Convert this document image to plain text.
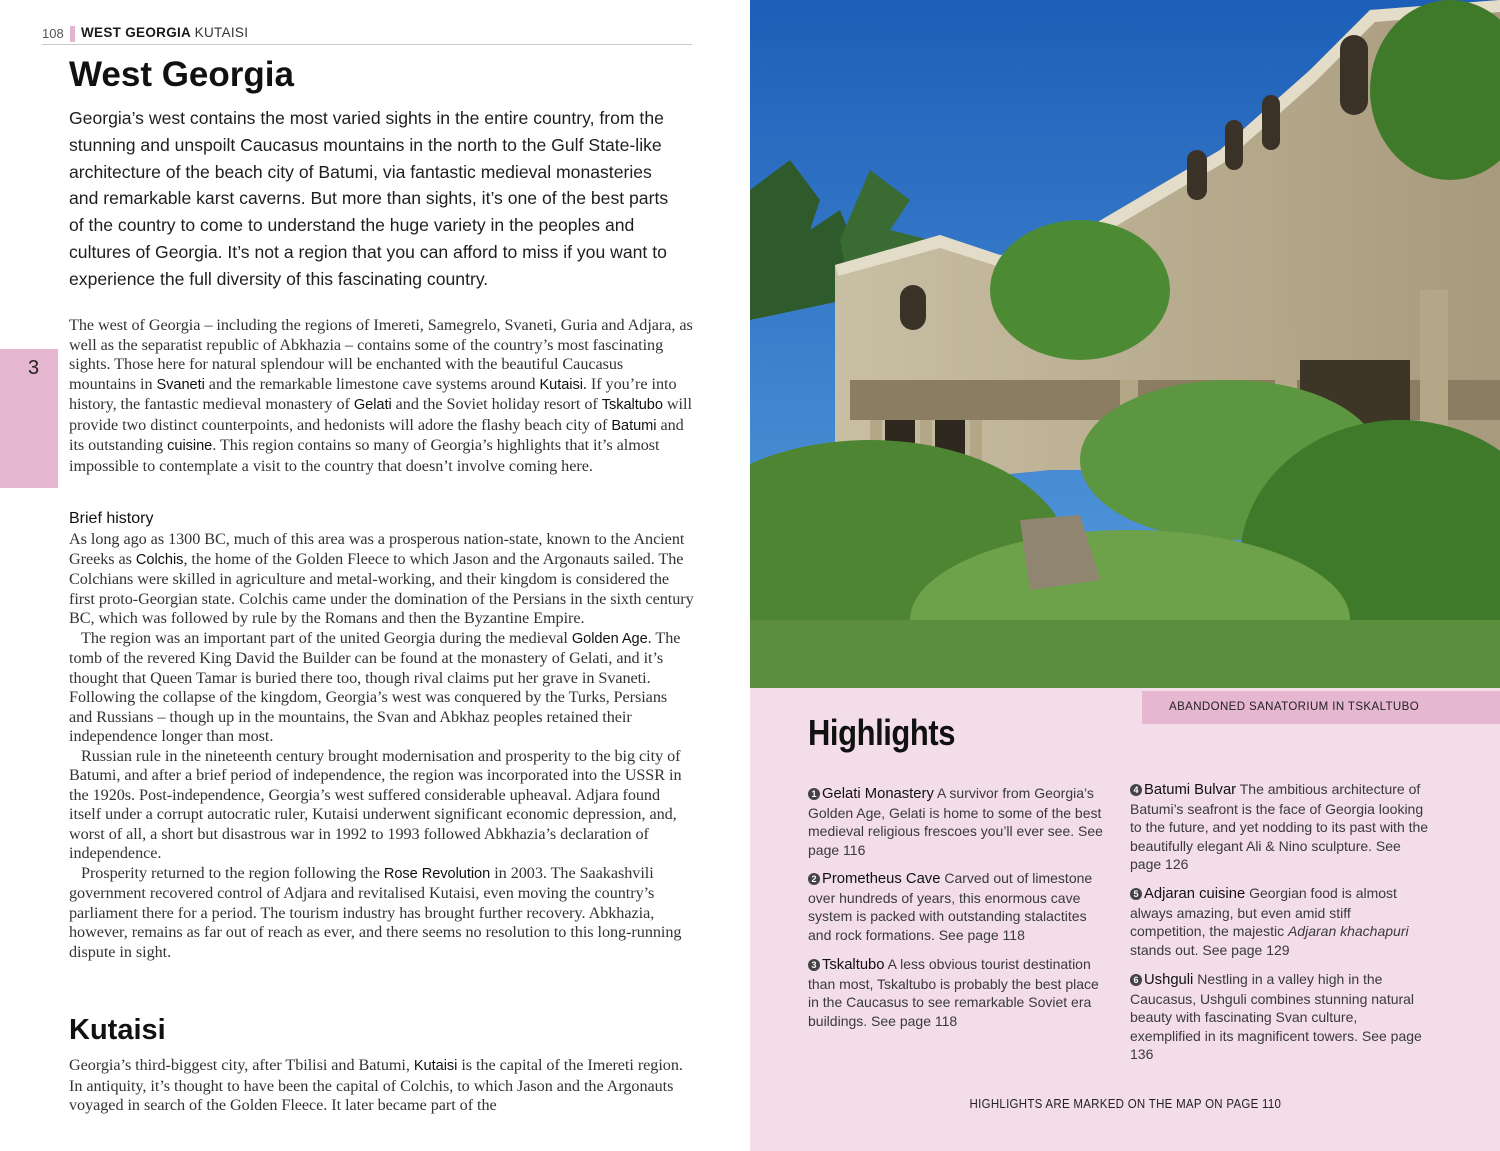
108 WEST GEORGIA KUTAISI
3
West Georgia

Georgia’s west contains the most varied sights in the entire country, from the stunning and unspoilt Caucasus mountains in the north to the Gulf State-like architecture of the beach city of Batumi, via fantastic medieval monasteries and remarkable karst caverns. But more than sights, it’s one of the best parts of the country to come to understand the huge variety in the peoples and cultures of Georgia. It’s not a region that you can afford to miss if you want to experience the full diversity of this fascinating country.

The west of Georgia – including the regions of Imereti, Samegrelo, Svaneti, Guria and Adjara, as well as the separatist republic of Abkhazia – contains some of the country’s most fascinating sights. Those here for natural splendour will be enchanted with the beautiful Caucasus mountains in Svaneti and the remarkable limestone cave systems around Kutaisi. If you’re into history, the fantastic medieval monastery of Gelati and the Soviet holiday resort of Tskaltubo will provide two distinct counterpoints, and hedonists will adore the flashy beach city of Batumi and its outstanding cuisine. This region contains so many of Georgia’s highlights that it’s almost impossible to contemplate a visit to the country that doesn’t involve coming here.

Brief history

As long ago as 1300 BC, much of this area was a prosperous nation-state, known to the Ancient Greeks as Colchis, the home of the Golden Fleece to which Jason and the Argonauts sailed. The Colchians were skilled in agriculture and metal-working, and their kingdom is considered the first proto-Georgian state. Colchis came under the domination of the Persians in the sixth century BC, which was followed by rule by the Romans and then the Byzantine Empire.
The region was an important part of the united Georgia during the medieval Golden Age. The tomb of the revered King David the Builder can be found at the monastery of Gelati, and it’s thought that Queen Tamar is buried there too, though rival claims put her grave in Svaneti. Following the collapse of the kingdom, Georgia’s west was conquered by the Turks, Persians and Russians – though up in the mountains, the Svan and Abkhaz peoples retained their independence longer than most.
Russian rule in the nineteenth century brought modernisation and prosperity to the big city of Batumi, and after a brief period of independence, the region was incorporated into the USSR in the 1920s. Post-independence, Georgia’s west suffered considerable upheaval. Adjara found itself under a corrupt autocratic ruler, Kutaisi underwent significant economic depression, and, worst of all, a short but disastrous war in 1992 to 1993 followed Abkhazia’s declaration of independence.
Prosperity returned to the region following the Rose Revolution in 2003. The Saakashvili government recovered control of Adjara and revitalised Kutaisi, even moving the country’s parliament there for a period. The tourism industry has brought further recovery. Abkhazia, however, remains as far out of reach as ever, and there seems no resolution to this long-running dispute in sight.

Kutaisi

Georgia’s third-biggest city, after Tbilisi and Batumi, Kutaisi is the capital of the Imereti region. In antiquity, it’s thought to have been the capital of Colchis, to which Jason and the Argonauts voyaged in search of the Golden Fleece. It later became part of the

ABANDONED SANATORIUM IN TSKALTUBO
Highlights

1 Gelati Monastery A survivor from Georgia’s Golden Age, Gelati is home to some of the best medieval religious frescoes you’ll ever see. See page 116

2 Prometheus Cave Carved out of limestone over hundreds of years, this enormous cave system is packed with outstanding stalactites and rock formations. See page 118

3 Tskaltubo A less obvious tourist destination than most, Tskaltubo is probably the best place in the Caucasus to see remarkable Soviet era buildings. See page 118

4 Batumi Bulvar The ambitious architecture of Batumi’s seafront is the face of Georgia looking to the future, and yet nodding to its past with the beautifully elegant Ali & Nino sculpture. See page 126

5 Adjaran cuisine Georgian food is almost always amazing, but even amid stiff competition, the majestic Adjaran khachapuri stands out. See page 129

6 Ushguli Nestling in a valley high in the Caucasus, Ushguli combines stunning natural beauty with fascinating Svan culture, exemplified in its magnificent towers. See page 136

HIGHLIGHTS ARE MARKED ON THE MAP ON PAGE 110
